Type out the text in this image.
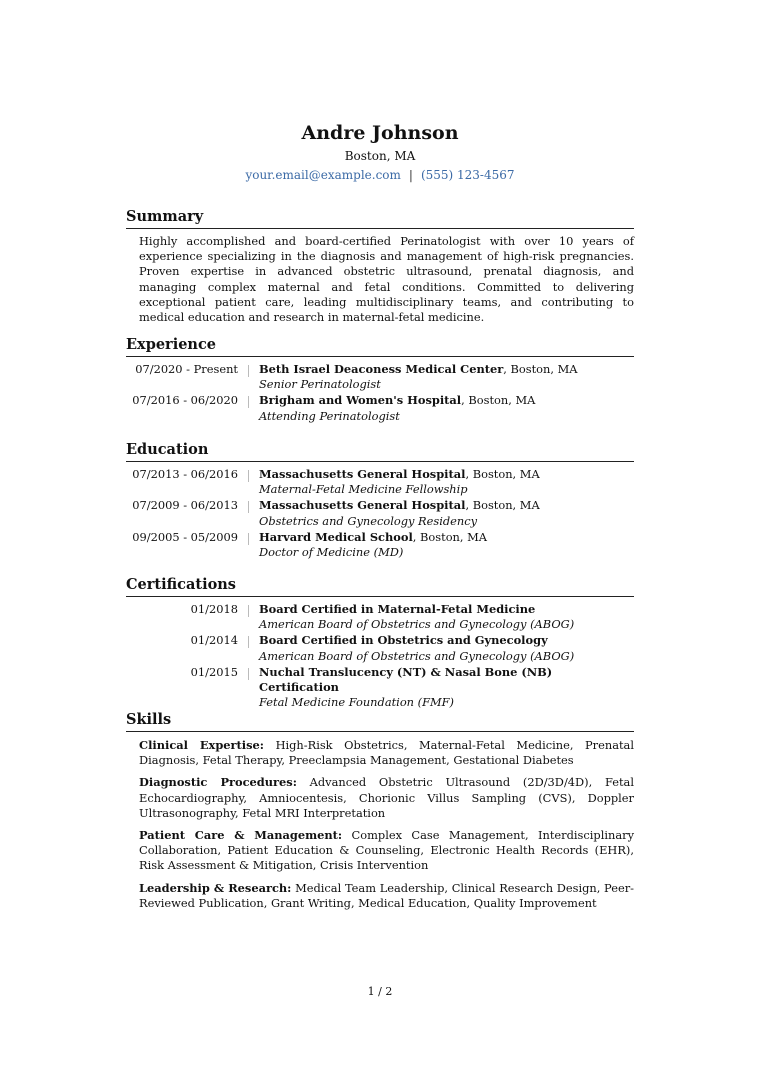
Andre Johnson
Boston, MA
your.email@example.com | (555) 123-4567
Summary
Highly accomplished and board-certified Perinatologist with over 10 years of experience specializing in the diagnosis and management of high-risk pregnancies. Proven expertise in advanced obstetric ultrasound, prenatal diagnosis, and managing complex maternal and fetal conditions. Committed to delivering exceptional patient care, leading multidisciplinary teams, and contributing to medical education and research in maternal-fetal medicine.
Experience
07/2020 - Present Beth Israel Deaconess Medical Center, Boston, MA
Senior Perinatologist
07/2016 - 06/2020 Brigham and Women's Hospital, Boston, MA
Attending Perinatologist
Education
07/2013 - 06/2016 Massachusetts General Hospital, Boston, MA
Maternal-Fetal Medicine Fellowship
07/2009 - 06/2013 Massachusetts General Hospital, Boston, MA
Obstetrics and Gynecology Residency
09/2005 - 05/2009 Harvard Medical School, Boston, MA
Doctor of Medicine (MD)
Certifications
01/2018 Board Certified in Maternal-Fetal Medicine
American Board of Obstetrics and Gynecology (ABOG)
01/2014 Board Certified in Obstetrics and Gynecology
American Board of Obstetrics and Gynecology (ABOG)
01/2015 Nuchal Translucency (NT) & Nasal Bone (NB) Certification
Fetal Medicine Foundation (FMF)
Skills
Clinical Expertise: High-Risk Obstetrics, Maternal-Fetal Medicine, Prenatal Diagnosis, Fetal Therapy, Preeclampsia Management, Gestational Diabetes
Diagnostic Procedures: Advanced Obstetric Ultrasound (2D/3D/4D), Fetal Echocardiography, Amniocentesis, Chorionic Villus Sampling (CVS), Doppler Ultrasonography, Fetal MRI Interpretation
Patient Care & Management: Complex Case Management, Interdisciplinary Collaboration, Patient Education & Counseling, Electronic Health Records (EHR), Risk Assessment & Mitigation, Crisis Intervention
Leadership & Research: Medical Team Leadership, Clinical Research Design, Peer-Reviewed Publication, Grant Writing, Medical Education, Quality Improvement
1 / 2
